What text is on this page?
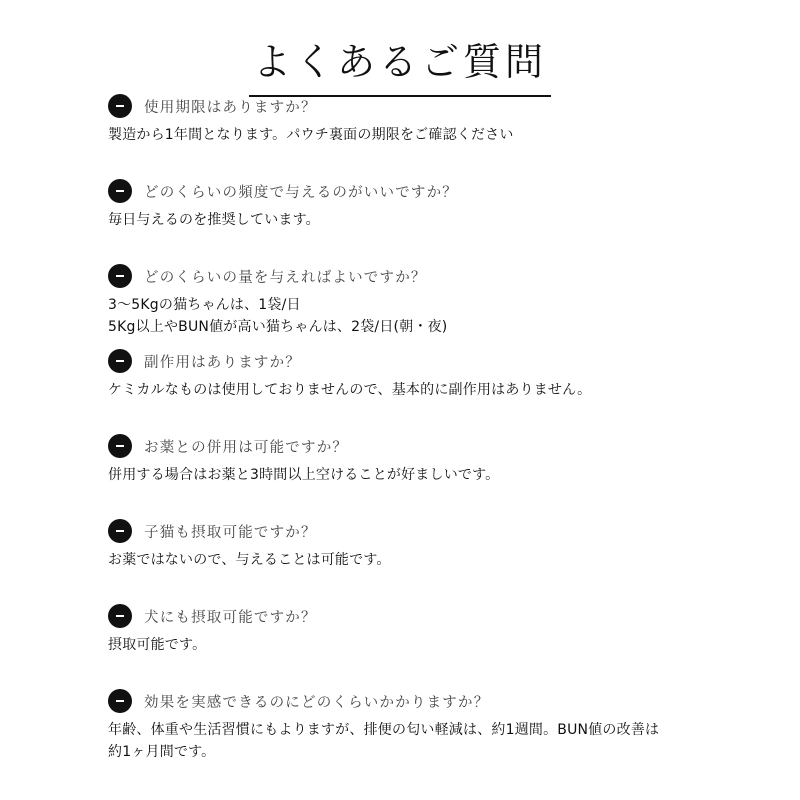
よくあるご質問
使用期限はありますか？
製造から1年間となります。パウチ裏面の期限をご確認ください
どのくらいの頻度で与えるのがいいですか？
毎日与えるのを推奨しています。
どのくらいの量を与えればよいですか？
3〜5Kgの猫ちゃんは、1袋/日
5Kg以上やBUN値が高い猫ちゃんは、2袋/日(朝・夜)
副作用はありますか？
ケミカルなものは使用しておりませんので、基本的に副作用はありません。
お薬との併用は可能ですか？
併用する場合はお薬と3時間以上空けることが好ましいです。
子猫も摂取可能ですか？
お薬ではないので、与えることは可能です。
犬にも摂取可能ですか？
摂取可能です。
効果を実感できるのにどのくらいかかりますか？
年齢、体重や生活習慣にもよりますが、排便の匂い軽減は、約1週間。BUN値の改善は
約1ヶ月間です。
